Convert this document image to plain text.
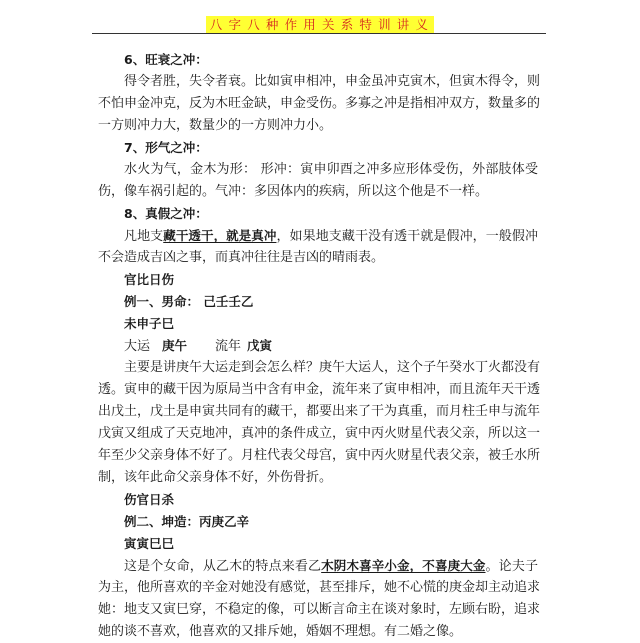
八字八种作用关系特训讲义
6、旺衰之冲：
得令者胜，失令者衰。比如寅申相冲，申金虽冲克寅木，但寅木得令，则
不怕申金冲克，反为木旺金缺，申金受伤。多寡之冲是指相冲双方，数量多的
一方则冲力大，数量少的一方则冲力小。
7、形气之冲：
水火为气，金木为形： 形冲：寅申卯酉之冲多应形体受伤，外部肢体受
伤，像车祸引起的。气冲：多因体内的疾病，所以这个他是不一样。
8、真假之冲：
凡地支藏干透干，就是真冲，如果地支藏干没有透干就是假冲，一般假冲
不会造成吉凶之事，而真冲往往是吉凶的晴雨表。
官比日伤
例一、男命： 己壬壬乙
未申子巳
大运 庚午 流年 戊寅
主要是讲庚午大运走到会怎么样？庚午大运人，这个子午癸水丁火都没有
透。寅申的藏干因为原局当中含有申金，流年来了寅申相冲，而且流年天干透
出戊土，戊土是申寅共同有的藏干，都要出来了干为真重，而月柱壬申与流年
戊寅又组成了天克地冲，真冲的条件成立，寅中丙火财星代表父亲，所以这一
年至少父亲身体不好了。月柱代表父母宫，寅中丙火财星代表父亲，被壬水所
制，该年此命父亲身体不好，外伤骨折。
伤官日杀
例二、坤造：丙庚乙辛
寅寅巳巳
这是个女命，从乙木的特点来看乙木阴木喜辛小金，不喜庚大金。论夫子
为主，他所喜欢的辛金对她没有感觉，甚至排斥，她不心慌的庚金却主动追求
她：地支又寅巳穿，不稳定的像，可以断言命主在谈对象时，左顾右盼，追求
她的谈不喜欢，他喜欢的又排斥她，婚姻不理想。有二婚之像。
